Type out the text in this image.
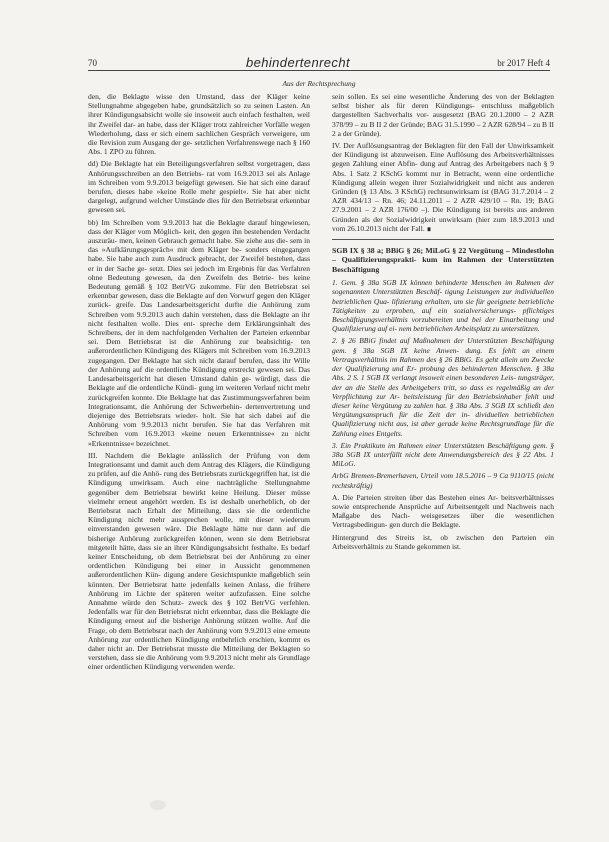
70	behindertenrecht	br 2017 Heft 4
Aus der Rechtsprechung

den, die Beklagte wisse den Umstand, dass der Kläger keine Stellungnahme abgegeben habe, grundsätzlich so zu seinen Lasten. An ihrer Kündigungsabsicht wolle sie insoweit auch einfach festhalten, weil ihr Zweifel dar- an habe, dass der Kläger trotz zahlreicher Vorfälle wegen Wiederholung, dass er sich einem sachlichen Gespräch verweigere, um die Revision zum Ausgang der ge- setzlichen Verfahrenswege nach § 160 Abs. 1 ZPO zu führen.

dd) Die Beklagte hat ein Beteiligungsverfahren selbst vorgetragen, dass Anhörungsschreiben an den Betriebs- rat vom 16.9.2013 sei als Anlage im Schreiben vom 9.9.2013 beigefügt gewesen. Sie hat sich eine darauf berufen, dieses habe »keine Rolle mehr gespielt«. Sie hat aber nicht dargelegt, aufgrund welcher Umstände dies für den Betriebsrat erkennbar gewesen sei.

bb) Im Schreiben vom 9.9.2013 hat die Beklagte darauf hingewiesen, dass der Kläger vom Möglich- keit, den gegen ihn bestehenden Verdacht auszuräu- men, keinen Gebrauch gemacht habe. Sie ziehe aus die- sem in das »Aufklärungsgespräch« mit dem Kläger be- sonders eingegangen habe. Sie habe auch zum Ausdruck gebracht, der Zweifel bestehen, dass er in der Sache ge- setzt. Dies sei jedoch im Ergebnis für das Verfahren ohne Bedeutung gewesen, da den Zweifeln des Betrie- bes keine Bedeutung gemäß § 102 BetrVG zukomme. Für den Betriebsrat sei erkennbar gewesen, dass die Beklagte auf den Vorwurf gegen den Kläger zurück- greife. Das Landesarbeitsgericht durfte die Anhörung zum Schreiben vom 9.9.2013 auch dahin verstehen, dass die Beklagte an ihr nicht festhalten wolle. Dies ent- spreche dem Erklärungsinhalt des Schreibens, der in dem nachfolgenden Verhalten der Parteien erkennbar sei. Dem Betriebsrat ist die Anhörung zur beabsichtig- ten außerordentlichen Kündigung des Klägers mit Schreiben vom 16.9.2013 zugegangen. Der Beklagte hat sich nicht darauf berufen, dass ihr Wille der Anhörung auf die ordentliche Kündigung erstreckt gewesen sei. Das Landesarbeitsgericht hat diesen Umstand dahin ge- würdigt, dass die Beklagte auf die ordentliche Kündi- gung im weiteren Verlauf nicht mehr zurückgreifen konnte. Die Beklagte hat das Zustimmungsverfahren beim Integrationsamt, die Anhörung der Schwerbehin- dertenvertretung und diejenige des Betriebsrats wieder- holt. Sie hat sich dabei auf die Anhörung vom 9.9.2013 nicht berufen. Sie hat das Verfahren mit Schreiben vom 16.9.2013 »keine neuen Erkenntnisse« zu nicht »Erkenntnisse« bezeichnet.

III. Nachdem die Beklagte anlässlich der Prüfung von dem Integrationsamt und damit auch dem Antrag des Klägers, die Kündigung zu prüfen, auf die Anhö- rung des Betriebsrats zurückgegriffen hat, ist die Kündigung unwirksam. Auch eine nachträgliche Stellungnahme gegenüber dem Betriebsrat bewirkt keine Heilung. Dieser müsse vielmehr erneut angehört werden. Es ist deshalb unerheblich, ob der Betriebsrat nach Erhalt der Mitteilung, dass sie die ordentliche Kündigung nicht mehr aussprechen wolle, mit dieser wiederum einverstanden gewesen wäre. Die Beklagte hätte nur dann auf die bisherige Anhörung zurückgreifen können, wenn sie dem Betriebsrat mitgeteilt hätte, dass sie an ihrer Kündigungsabsicht festhalte. Es bedarf keiner Entscheidung, ob dem Betriebsrat bei der Anhörung zu einer ordentlichen Kündigung bei einer in Aussicht genommenen außerordentlichen Kün- digung andere Gesichtspunkte maßgeblich sein könnten. Der Betriebsrat hatte jedenfalls keinen Anlass, die frühere Anhörung im Lichte der späteren weiter aufzufassen. Eine solche Annahme würde den Schutz- zweck des § 102 BetrVG verfehlen. Jedenfalls war für den Betriebsrat nicht erkennbar, dass die Beklagte die Kündigung erneut auf die bisherige Anhörung stützen wollte. Auf die Frage, ob dem Betriebsrat nach der Anhörung vom 9.9.2013 eine erneute Anhörung zur ordentlichen Kündigung entbehrlich erschien, kommt es daher nicht an. Der Betriebsrat musste die Mitteilung der Beklagten so verstehen, dass sie die Anhörung vom 9.9.2013 nicht mehr als Grundlage einer ordentlichen Kündigung verwenden werde.

sein sollen. Es sei eine wesentliche Änderung des von der Beklagten selbst bisher als für deren Kündigungs- entschluss maßgeblich dargestellten Sachverhalts vor- ausgesetzt (BAG 20.1.2000 – 2 AZR 378/99 – zu B II 2 der Gründe; BAG 31.5.1990 – 2 AZR 628/94 – zu B II 2 a der Gründe).

IV. Der Auflösungsantrag der Beklagten für den Fall der Unwirksamkeit der Kündigung ist abzuweisen. Eine Auflösung des Arbeitsverhältnisses gegen Zahlung einer Abfin- dung auf Antrag des Arbeitgebers nach § 9 Abs. 1 Satz 2 KSchG kommt nur in Betracht, wenn eine ordentliche Kündigung allein wegen ihrer Sozialwidrigkeit und nicht aus anderen Gründen (§ 13 Abs. 3 KSchG) rechtsunwirksam ist (BAG 31.7.2014 – 2 AZR 434/13 – Rn. 46; 24.11.2011 – 2 AZR 429/10 – Rn. 19; BAG 27.9.2001 – 2 AZR 176/00 –). Die Kündigung ist bereits aus anderen Gründen als der Sozialwidrigkeit unwirksam (hier zum 18.9.2013 und vom 26.10.2013 nicht der Fall. ∎

SGB IX § 38 a; BBiG § 26; MiLoG § 22 Vergütung – Mindestlohn – Qualifizierungsprakti- kum im Rahmen der Unterstützten Beschäftigung

1. Gem. § 38a SGB IX können behinderte Menschen im Rahmen der sogenannten Unterstützten Beschäf- tigung Leistungen zur individuellen betrieblichen Qua- lifizierung erhalten, um sie für geeignete betriebliche Tätigkeiten zu erproben, auf ein sozialversicherungs- pflichtiges Beschäftigungsverhältnis vorzubereiten und bei der Einarbeitung und Qualifizierung auf ei- nem betrieblichen Arbeitsplatz zu unterstützen.

2. § 26 BBiG findet auf Maßnahmen der Unterstützten Beschäftigung gem. § 38a SGB IX keine Anwen- dung. Es fehlt an einem Vertragsverhältnis im Rahmen des § 26 BBiG. Es geht allein um Zwecke der Qualifizierung und Er- probung des behinderten Menschen. § 38a Abs. 2 S. 1 SGB IX verlangt insoweit einen besonderen Leis- tungsträger, der an die Stelle des Arbeitgebers tritt, so dass es regelmäßig an der Verpflichtung zur Ar- beitsleistung für den Betriebsinhaber fehlt und dieser keine Vergütung zu zahlen hat. § 38a Abs. 3 SGB IX schließt den Vergütungsanspruch für die Zeit der in- dividuellen betrieblichen Qualifizierung nicht aus, ist aber gerade keine Rechtsgrundlage für die Zahlung eines Entgelts.

3. Ein Praktikum im Rahmen einer Unterstützten Beschäftigung gem. § 38a SGB IX unterfällt nicht dem Anwendungsbereich des § 22 Abs. 1 MiLoG.

ArbG Bremen-Bremerhaven, Urteil vom 18.5.2016 – 9 Ca 9110/15 (nicht rechtskräftig)

A. Die Parteien streiten über das Bestehen eines Ar- beitsverhältnisses sowie entsprechende Ansprüche auf Arbeitsentgelt und Nachweis nach Maßgabe des Nach- weisgesetzes über die wesentlichen Vertragsbedingun- gen durch die Beklagte.

Hintergrund des Streits ist, ob zwischen den Parteien ein Arbeitsverhältnis zu Stande gekommen ist.
